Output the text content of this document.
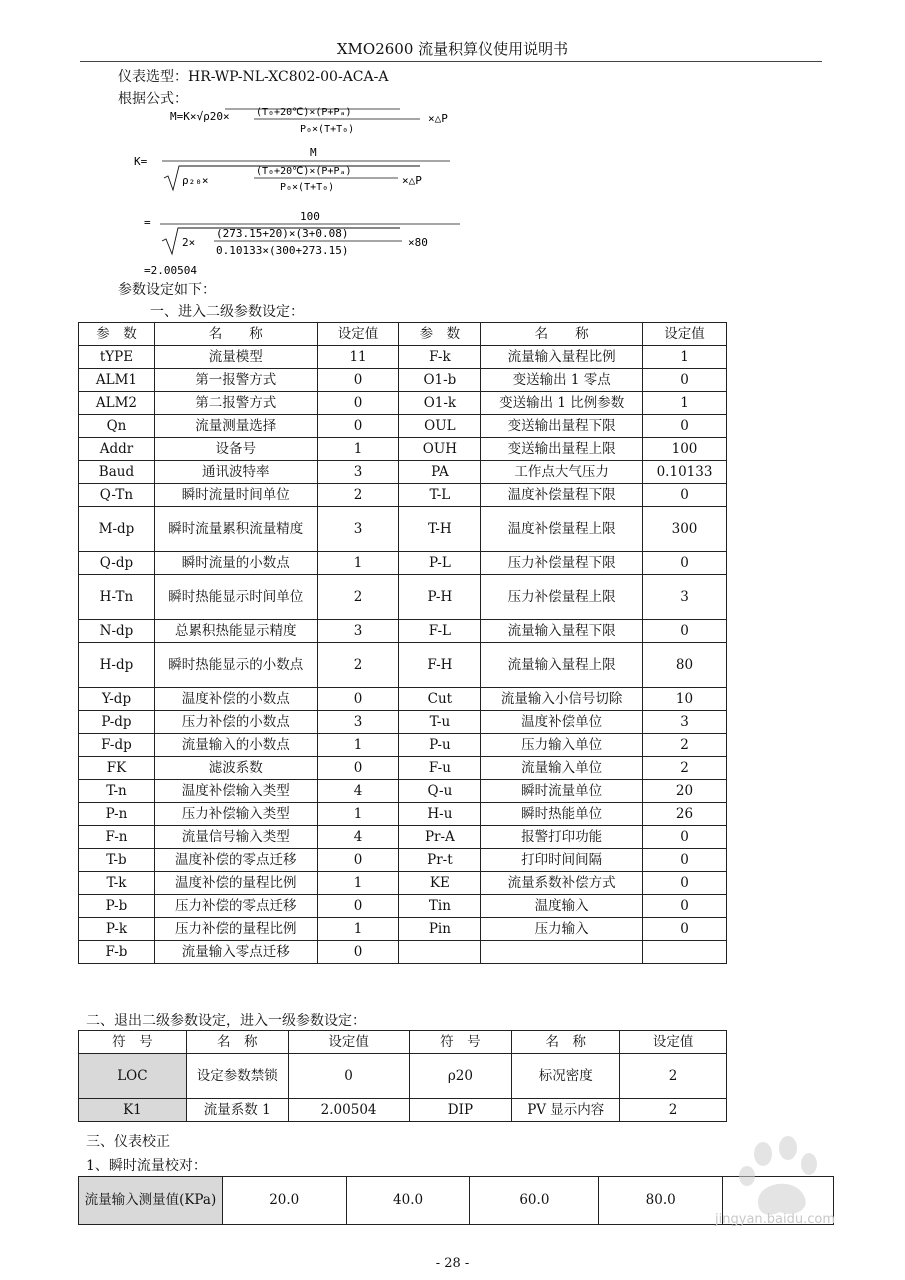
XMO2600 流量积算仪使用说明书
仪表选型：HR-WP-NL-XC802-00-ACA-A
根据公式：
M=K×√ρ20×	(T₀+20℃)×(P+Pₐ)
P₀×(T+T₀)
×△P
K=
M
ρ₂₀×
(T₀+20℃)×(P+Pₐ)
P₀×(T+T₀)
×△P
=	100
2×
(273.15+20)×(3+0.08)
0.10133×(300+273.15)
×80
=2.00504
参数设定如下：
一、进入二级参数设定：
参　数	名　　称	设定值	参　数	名　　称	设定值
tYPE	流量模型	11	F-k	流量输入量程比例	1
ALM1	第一报警方式	0	O1-b	变送输出 1 零点	0
ALM2	第二报警方式	0	O1-k	变送输出 1 比例参数	1
Qn	流量测量选择	0	OUL	变送输出量程下限	0
Addr	设备号	1	OUH	变送输出量程上限	100
Baud	通讯波特率	3	PA	工作点大气压力	0.10133
Q-Tn	瞬时流量时间单位	2	T-L	温度补偿量程下限	0
M-dp	瞬时流量累积流量精度	3	T-H	温度补偿量程上限	300
Q-dp	瞬时流量的小数点	1	P-L	压力补偿量程下限	0
H-Tn	瞬时热能显示时间单位	2	P-H	压力补偿量程上限	3
N-dp	总累积热能显示精度	3	F-L	流量输入量程下限	0
H-dp	瞬时热能显示的小数点	2	F-H	流量输入量程上限	80
Y-dp	温度补偿的小数点	0	Cut	流量输入小信号切除	10
P-dp	压力补偿的小数点	3	T-u	温度补偿单位	3
F-dp	流量输入的小数点	1	P-u	压力输入单位	2
FK	滤波系数	0	F-u	流量输入单位	2
T-n	温度补偿输入类型	4	Q-u	瞬时流量单位	20
P-n	压力补偿输入类型	1	H-u	瞬时热能单位	26
F-n	流量信号输入类型	4	Pr-A	报警打印功能	0
T-b	温度补偿的零点迁移	0	Pr-t	打印时间间隔	0
T-k	温度补偿的量程比例	1	KE	流量系数补偿方式	0
P-b	压力补偿的零点迁移	0	Tin	温度输入	0
P-k	压力补偿的量程比例	1	Pin	压力输入	0
F-b	流量输入零点迁移	0			
二、退出二级参数设定，进入一级参数设定：
符　号	名　称	设定值	符　号	名　称	设定值
LOC	设定参数禁锁	0	ρ20	标况密度	2
K1	流量系数 1	2.00504	DIP	PV 显示内容	2
三、仪表校正
1、瞬时流量校对：
流量输入测量值(KPa)	20.0	40.0	60.0	80.0	
jingyan.baidu.com
- 28 -
